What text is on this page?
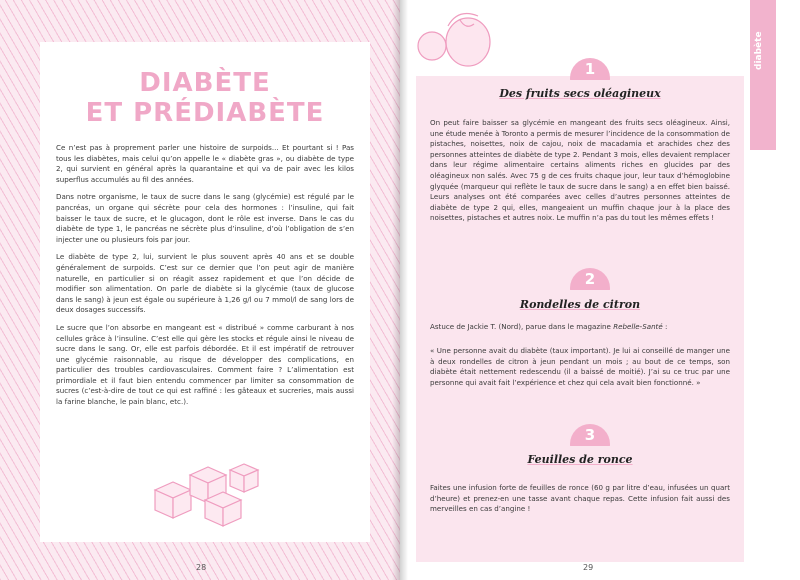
DIABÈTE
ET PRÉDIABÈTE

Ce n’est pas à proprement parler une histoire de surpoids... Et pourtant si ! Pas tous les diabètes, mais celui qu’on appelle le « diabète gras », ou diabète de type 2, qui survient en général après la quarantaine et qui va de pair avec les kilos superflus accumulés au fil des années.

Dans notre organisme, le taux de sucre dans le sang (glycémie) est régulé par le pancréas, un organe qui sécrète pour cela des hormones : l’insuline, qui fait baisser le taux de sucre, et le glucagon, dont le rôle est inverse. Dans le cas du diabète de type 1, le pancréas ne sécrète plus d’insuline, d’où l’obligation de s’en injecter une ou plusieurs fois par jour.

Le diabète de type 2, lui, survient le plus souvent après 40 ans et se double généralement de surpoids. C’est sur ce dernier que l’on peut agir de manière naturelle, en particulier si on réagit assez rapidement et que l’on décide de modifier son alimentation. On parle de diabète si la glycémie (taux de glucose dans le sang) à jeun est égale ou supérieure à 1,26 g/l ou 7 mmol/l de sang lors de deux dosages successifs.

Le sucre que l’on absorbe en mangeant est « distribué » comme carburant à nos cellules grâce à l’insuline. C’est elle qui gère les stocks et régule ainsi le niveau de sucre dans le sang. Or, elle est parfois débordée. Et il est impératif de retrouver une glycémie raisonnable, au risque de développer des complications, en particulier des troubles cardiovasculaires. Comment faire ? L’alimentation est primordiale et il faut bien entendu commencer par limiter sa consommation de sucres (c’est-à-dire de tout ce qui est raffiné : les gâteaux et sucreries, mais aussi la farine blanche, le pain blanc, etc.).

28
diabète
1
Des fruits secs oléagineux

On peut faire baisser sa glycémie en mangeant des fruits secs oléagineux. Ainsi, une étude menée à Toronto a permis de mesurer l’incidence de la consommation de pistaches, noisettes, noix de cajou, noix de macadamia et arachides chez des personnes atteintes de diabète de type 2. Pendant 3 mois, elles devaient remplacer dans leur régime alimentaire certains aliments riches en glucides par des oléagineux non salés. Avec 75 g de ces fruits chaque jour, leur taux d’hémoglobine glyquée (marqueur qui reflète le taux de sucre dans le sang) a en effet bien baissé. Leurs analyses ont été comparées avec celles d’autres personnes atteintes de diabète de type 2 qui, elles, mangeaient un muffin chaque jour à la place des noisettes, pistaches et autres noix. Le muffin n’a pas du tout les mêmes effets !

2
Rondelles de citron

Astuce de Jackie T. (Nord), parue dans le magazine Rebelle-Santé :

« Une personne avait du diabète (taux important). Je lui ai conseillé de manger une à deux rondelles de citron à jeun pendant un mois ; au bout de ce temps, son diabète était nettement redescendu (il a baissé de moitié). J’ai su ce truc par une personne qui avait fait l’expérience et chez qui cela avait bien fonctionné. »

3
Feuilles de ronce

Faites une infusion forte de feuilles de ronce (60 g par litre d’eau, infusées un quart d’heure) et prenez-en une tasse avant chaque repas. Cette infusion fait aussi des merveilles en cas d’angine !

29
